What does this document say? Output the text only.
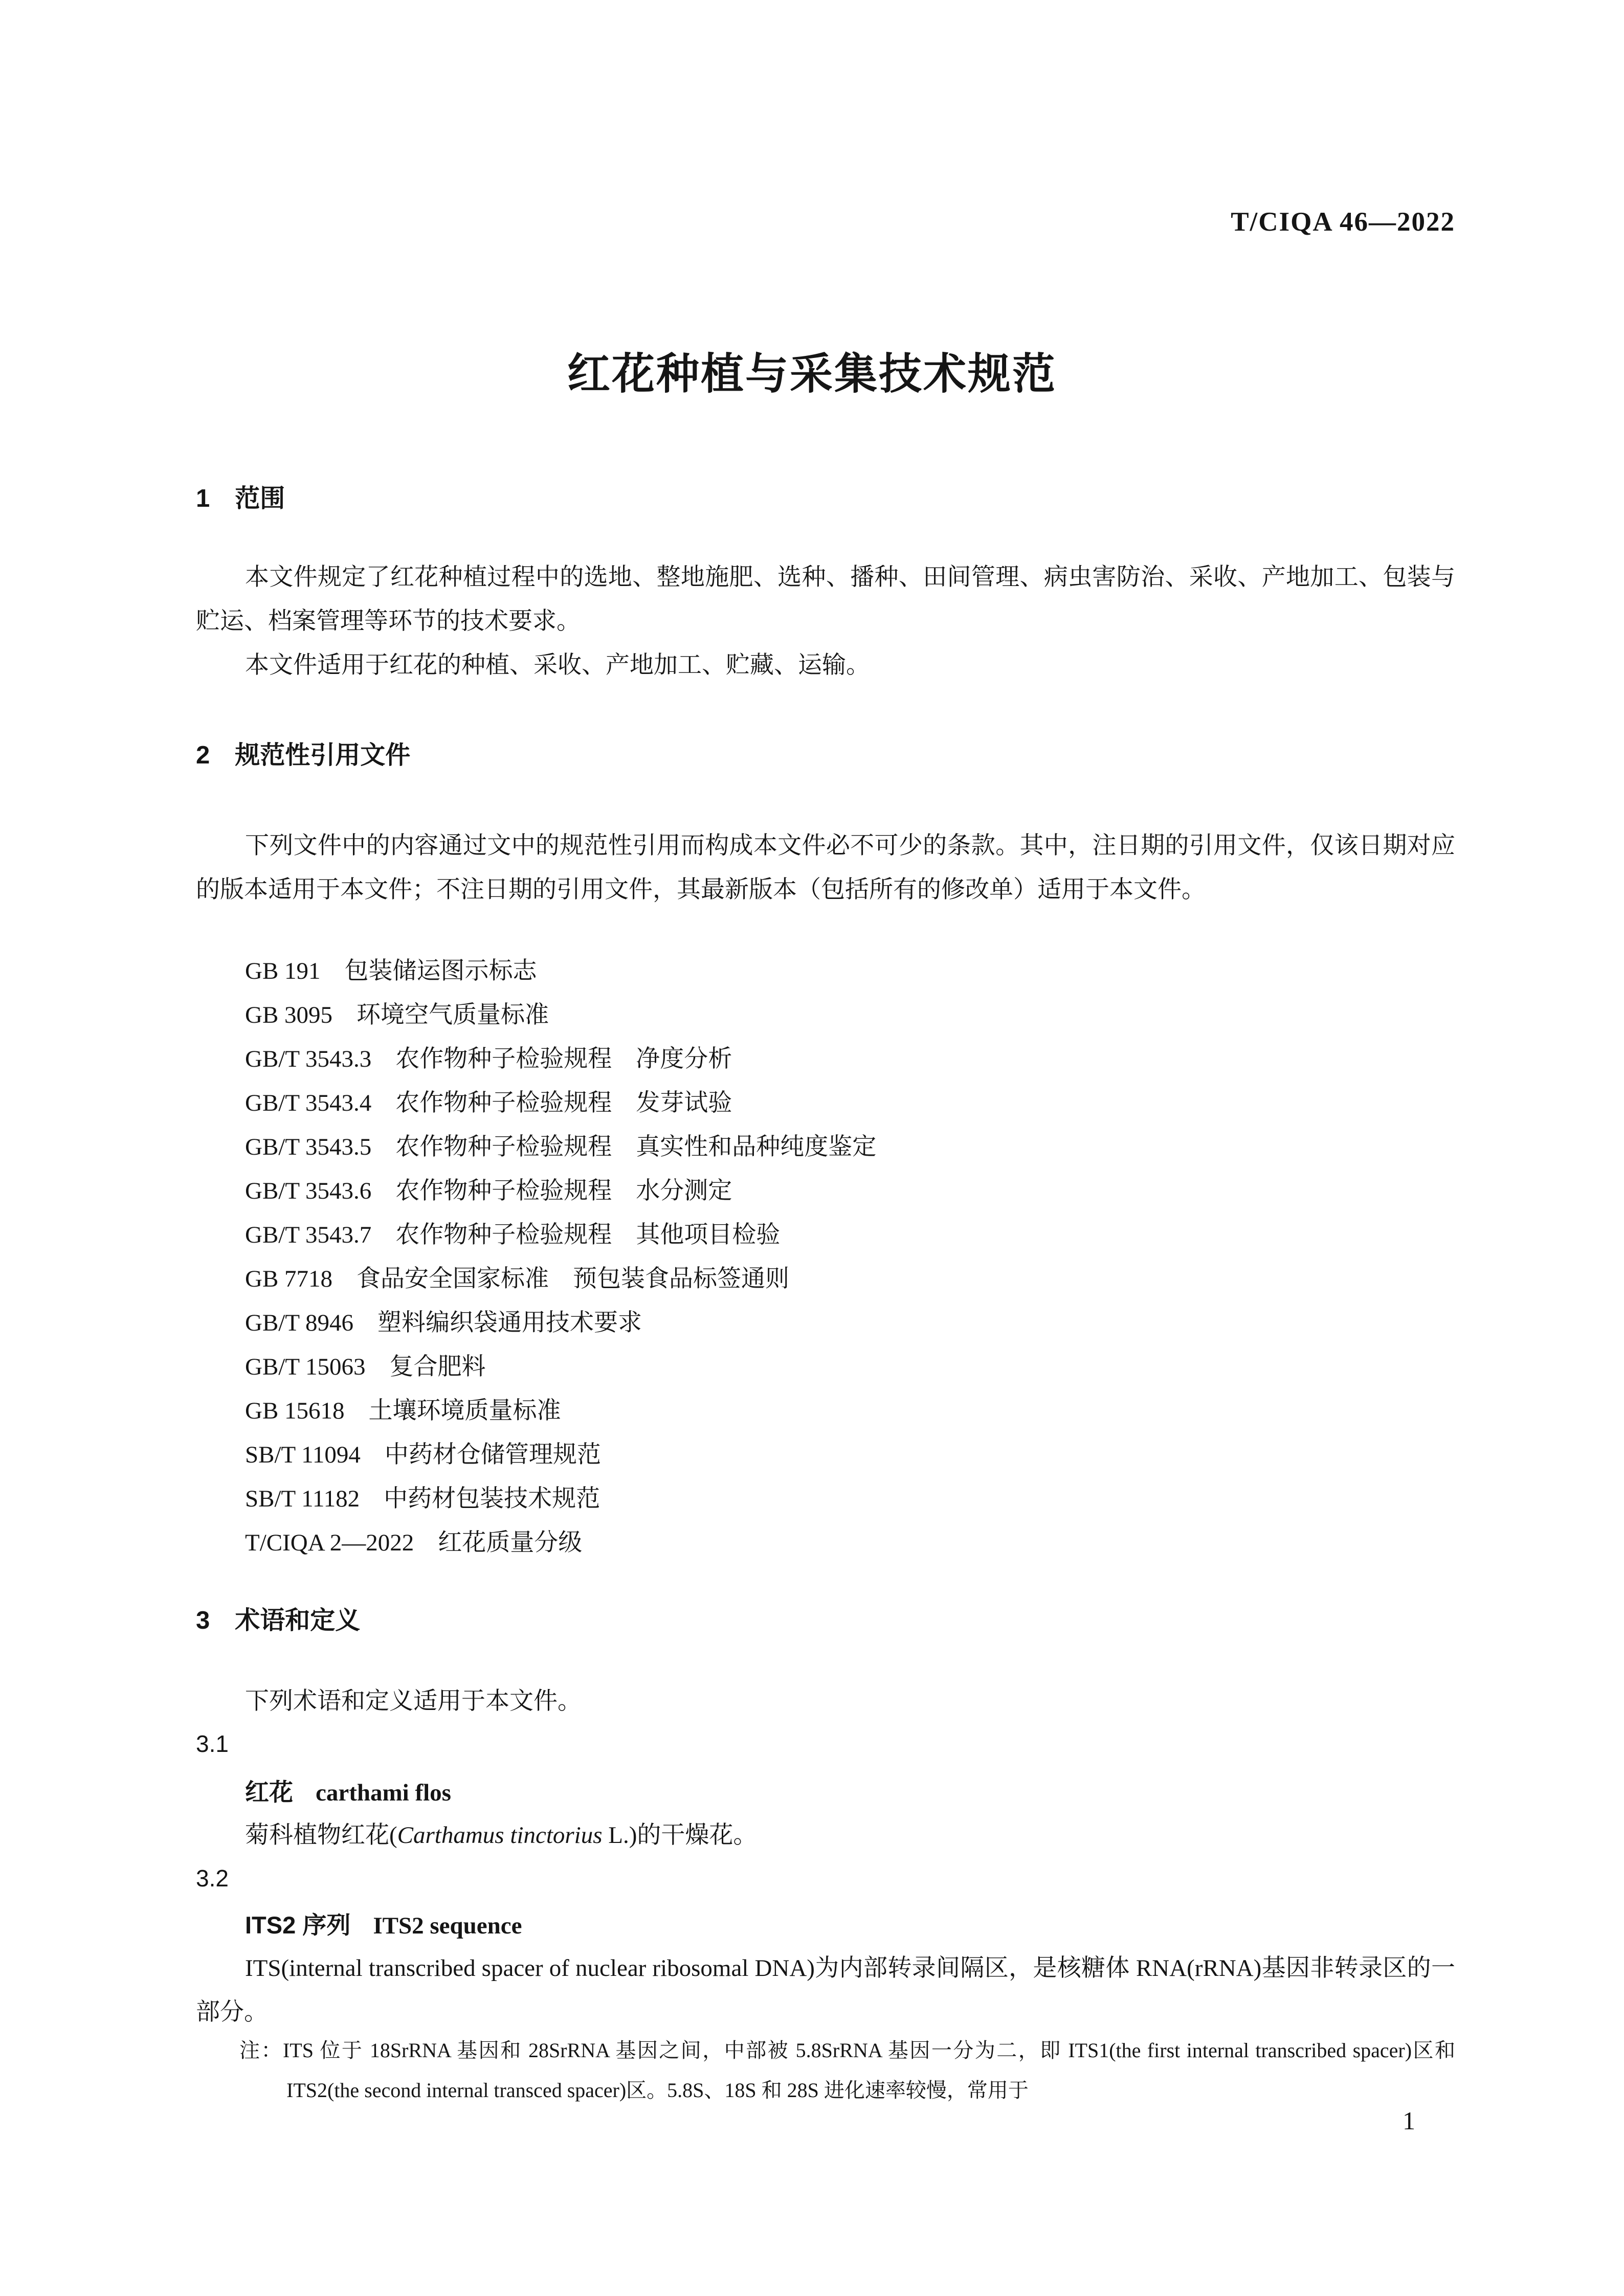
T/CIQA 46—2022
红花种植与采集技术规范
1　范围

本文件规定了红花种植过程中的选地、整地施肥、选种、播种、田间管理、病虫害防治、采收、产地加工、包装与贮运、档案管理等环节的技术要求。

本文件适用于红花的种植、采收、产地加工、贮藏、运输。

2　规范性引用文件

下列文件中的内容通过文中的规范性引用而构成本文件必不可少的条款。其中，注日期的引用文件，仅该日期对应的版本适用于本文件；不注日期的引用文件，其最新版本（包括所有的修改单）适用于本文件。

GB 191　包装储运图示标志
GB 3095　环境空气质量标准
GB/T 3543.3　农作物种子检验规程　净度分析
GB/T 3543.4　农作物种子检验规程　发芽试验
GB/T 3543.5　农作物种子检验规程　真实性和品种纯度鉴定
GB/T 3543.6　农作物种子检验规程　水分测定
GB/T 3543.7　农作物种子检验规程　其他项目检验
GB 7718　食品安全国家标准　预包装食品标签通则
GB/T 8946　塑料编织袋通用技术要求
GB/T 15063　复合肥料
GB 15618　土壤环境质量标准
SB/T 11094　中药材仓储管理规范
SB/T 11182　中药材包装技术规范
T/CIQA 2—2022　红花质量分级
3　术语和定义

下列术语和定义适用于本文件。

3.1
红花 carthami flos

菊科植物红花(Carthamus tinctorius L.)的干燥花。

3.2
ITS2 序列 ITS2 sequence

ITS(internal transcribed spacer of nuclear ribosomal DNA)为内部转录间隔区，是核糖体 RNA(rRNA)基因非转录区的一部分。

注：ITS 位于 18SrRNA 基因和 28SrRNA 基因之间，中部被 5.8SrRNA 基因一分为二，即 ITS1(the first internal transcribed spacer)区和 ITS2(the second internal transced spacer)区。5.8S、18S 和 28S 进化速率较慢，常用于
1
